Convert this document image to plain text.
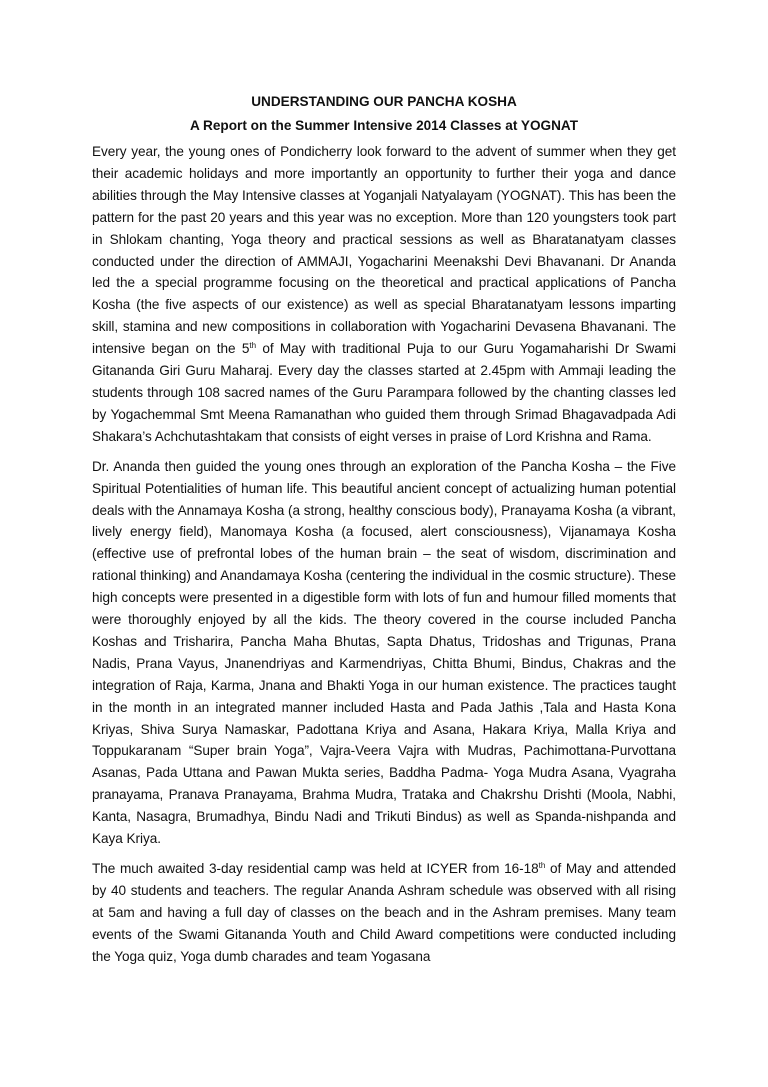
UNDERSTANDING OUR PANCHA KOSHA

A Report on the Summer Intensive 2014 Classes at YOGNAT

Every year, the young ones of Pondicherry look forward to the advent of summer when they get their academic holidays and more importantly an opportunity to further their yoga and dance abilities through the May Intensive classes at Yoganjali Natyalayam (YOGNAT). This has been the pattern for the past 20 years and this year was no exception. More than 120 youngsters took part in Shlokam chanting, Yoga theory and practical sessions as well as Bharatanatyam classes conducted under the direction of AMMAJI, Yogacharini Meenakshi Devi Bhavanani. Dr Ananda led the a special programme focusing on the theoretical and practical applications of Pancha Kosha (the five aspects of our existence) as well as special Bharatanatyam lessons imparting skill, stamina and new compositions in collaboration with Yogacharini Devasena Bhavanani. The intensive began on the 5th of May with traditional Puja to our Guru Yogamaharishi Dr Swami Gitananda Giri Guru Maharaj. Every day the classes started at 2.45pm with Ammaji leading the students through 108 sacred names of the Guru Parampara followed by the chanting classes led by Yogachemmal Smt Meena Ramanathan who guided them through Srimad Bhagavadpada Adi Shakara’s Achchutashtakam that consists of eight verses in praise of Lord Krishna and Rama.

Dr. Ananda then guided the young ones through an exploration of the Pancha Kosha – the Five Spiritual Potentialities of human life. This beautiful ancient concept of actualizing human potential deals with the Annamaya Kosha (a strong, healthy conscious body), Pranayama Kosha (a vibrant, lively energy field), Manomaya Kosha (a focused, alert consciousness), Vijanamaya Kosha (effective use of prefrontal lobes of the human brain – the seat of wisdom, discrimination and rational thinking) and Anandamaya Kosha (centering the individual in the cosmic structure). These high concepts were presented in a digestible form with lots of fun and humour filled moments that were thoroughly enjoyed by all the kids. The theory covered in the course included Pancha Koshas and Trisharira, Pancha Maha Bhutas, Sapta Dhatus, Tridoshas and Trigunas, Prana Nadis, Prana Vayus, Jnanendriyas and Karmendriyas, Chitta Bhumi, Bindus, Chakras and the integration of Raja, Karma, Jnana and Bhakti Yoga in our human existence. The practices taught in the month in an integrated manner included Hasta and Pada Jathis ,Tala and Hasta Kona Kriyas, Shiva Surya Namaskar, Padottana Kriya and Asana, Hakara Kriya, Malla Kriya and Toppukaranam “Super brain Yoga”, Vajra-Veera Vajra with Mudras, Pachimottana-Purvottana Asanas, Pada Uttana and Pawan Mukta series, Baddha Padma- Yoga Mudra Asana, Vyagraha pranayama, Pranava Pranayama, Brahma Mudra, Trataka and Chakrshu Drishti (Moola, Nabhi, Kanta, Nasagra, Brumadhya, Bindu Nadi and Trikuti Bindus) as well as Spanda-nishpanda and Kaya Kriya.

The much awaited 3-day residential camp was held at ICYER from 16-18th of May and attended by 40 students and teachers. The regular Ananda Ashram schedule was observed with all rising at 5am and having a full day of classes on the beach and in the Ashram premises. Many team events of the Swami Gitananda Youth and Child Award competitions were conducted including the Yoga quiz, Yoga dumb charades and team Yogasana
